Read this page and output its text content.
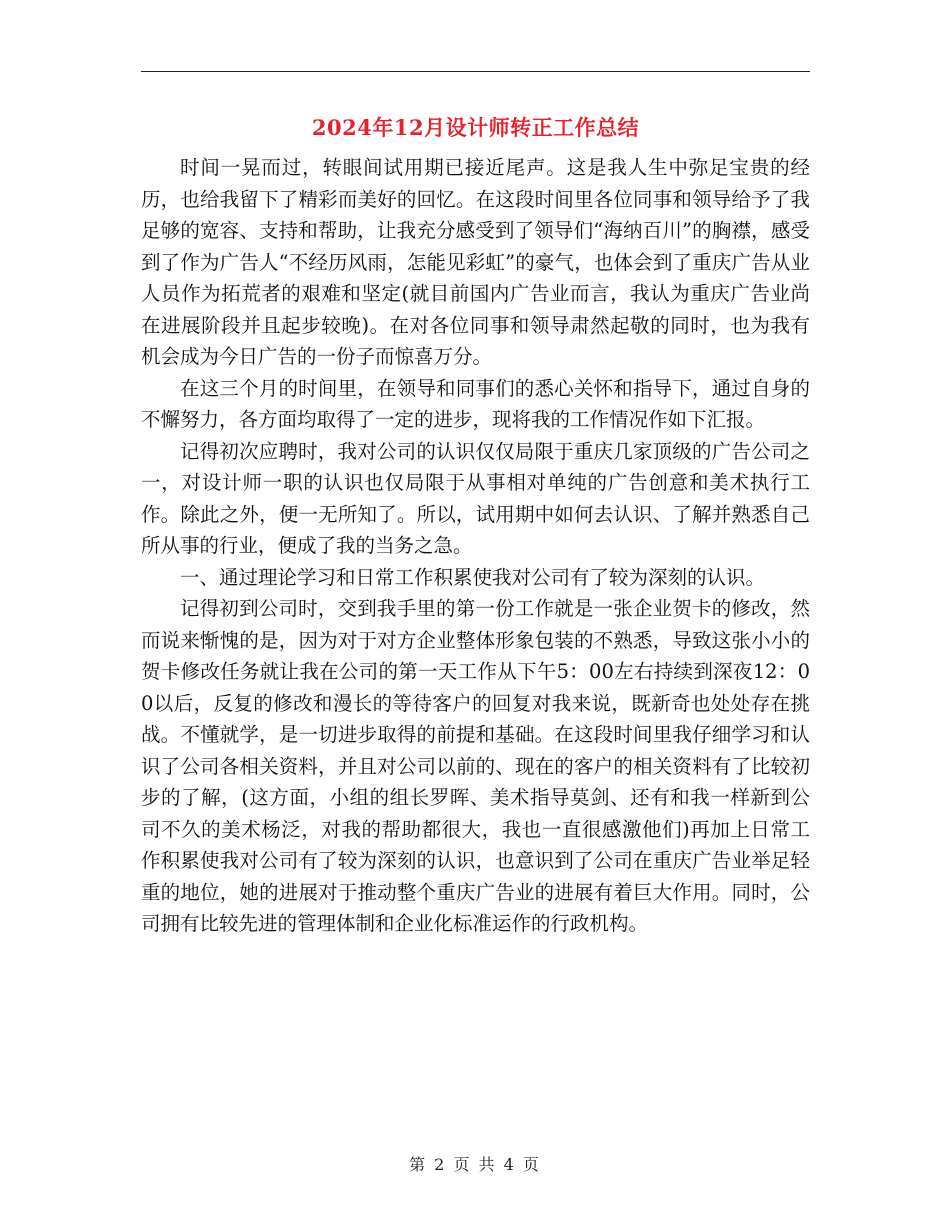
2024年12月设计师转正工作总结

时间一晃而过，转眼间试用期已接近尾声。这是我人生中弥足宝贵的经历，也给我留下了精彩而美好的回忆。在这段时间里各位同事和领导给予了我足够的宽容、支持和帮助，让我充分感受到了领导们“海纳百川”的胸襟，感受到了作为广告人“不经历风雨，怎能见彩虹”的豪气，也体会到了重庆广告从业人员作为拓荒者的艰难和坚定(就目前国内广告业而言，我认为重庆广告业尚在进展阶段并且起步较晚)。在对各位同事和领导肃然起敬的同时，也为我有机会成为今日广告的一份子而惊喜万分。

在这三个月的时间里，在领导和同事们的悉心关怀和指导下，通过自身的不懈努力，各方面均取得了一定的进步，现将我的工作情况作如下汇报。

记得初次应聘时，我对公司的认识仅仅局限于重庆几家顶级的广告公司之一，对设计师一职的认识也仅局限于从事相对单纯的广告创意和美术执行工作。除此之外，便一无所知了。所以，试用期中如何去认识、了解并熟悉自己所从事的行业，便成了我的当务之急。

一、通过理论学习和日常工作积累使我对公司有了较为深刻的认识。

记得初到公司时，交到我手里的第一份工作就是一张企业贺卡的修改，然而说来惭愧的是，因为对于对方企业整体形象包装的不熟悉，导致这张小小的贺卡修改任务就让我在公司的第一天工作从下午5：00左右持续到深夜12：00以后，反复的修改和漫长的等待客户的回复对我来说，既新奇也处处存在挑战。不懂就学，是一切进步取得的前提和基础。在这段时间里我仔细学习和认识了公司各相关资料，并且对公司以前的、现在的客户的相关资料有了比较初步的了解，(这方面，小组的组长罗晖、美术指导莫剑、还有和我一样新到公司不久的美术杨泛，对我的帮助都很大，我也一直很感激他们)再加上日常工作积累使我对公司有了较为深刻的认识，也意识到了公司在重庆广告业举足轻重的地位，她的进展对于推动整个重庆广告业的进展有着巨大作用。同时，公司拥有比较先进的管理体制和企业化标准运作的行政机构。

第 2 页 共 4 页
